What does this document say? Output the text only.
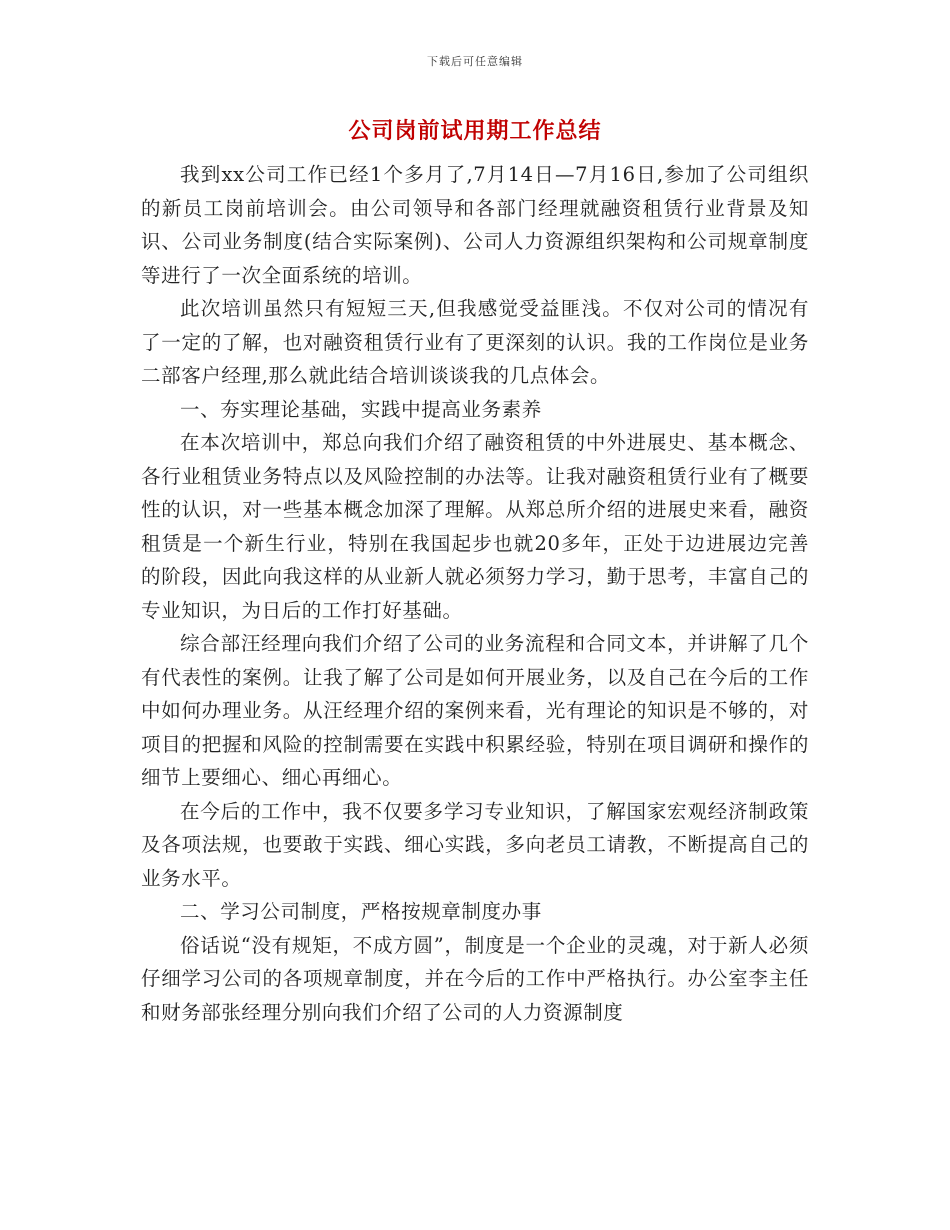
下载后可任意编辑
公司岗前试用期工作总结

我到xx公司工作已经1个多月了,7月14日—7月16日,参加了公司组织的新员工岗前培训会。由公司领导和各部门经理就融资租赁行业背景及知识、公司业务制度(结合实际案例)、公司人力资源组织架构和公司规章制度等进行了一次全面系统的培训。

此次培训虽然只有短短三天,但我感觉受益匪浅。不仅对公司的情况有了一定的了解，也对融资租赁行业有了更深刻的认识。我的工作岗位是业务二部客户经理,那么就此结合培训谈谈我的几点体会。

一、夯实理论基础，实践中提高业务素养

在本次培训中，郑总向我们介绍了融资租赁的中外进展史、基本概念、各行业租赁业务特点以及风险控制的办法等。让我对融资租赁行业有了概要性的认识，对一些基本概念加深了理解。从郑总所介绍的进展史来看，融资租赁是一个新生行业，特别在我国起步也就20多年，正处于边进展边完善的阶段，因此向我这样的从业新人就必须努力学习，勤于思考，丰富自己的专业知识，为日后的工作打好基础。

综合部汪经理向我们介绍了公司的业务流程和合同文本，并讲解了几个有代表性的案例。让我了解了公司是如何开展业务，以及自己在今后的工作中如何办理业务。从汪经理介绍的案例来看，光有理论的知识是不够的，对项目的把握和风险的控制需要在实践中积累经验，特别在项目调研和操作的细节上要细心、细心再细心。

在今后的工作中，我不仅要多学习专业知识，了解国家宏观经济制政策及各项法规，也要敢于实践、细心实践，多向老员工请教，不断提高自己的业务水平。

二、学习公司制度，严格按规章制度办事

俗话说“没有规矩，不成方圆”，制度是一个企业的灵魂，对于新人必须仔细学习公司的各项规章制度，并在今后的工作中严格执行。办公室李主任和财务部张经理分别向我们介绍了公司的人力资源制度
